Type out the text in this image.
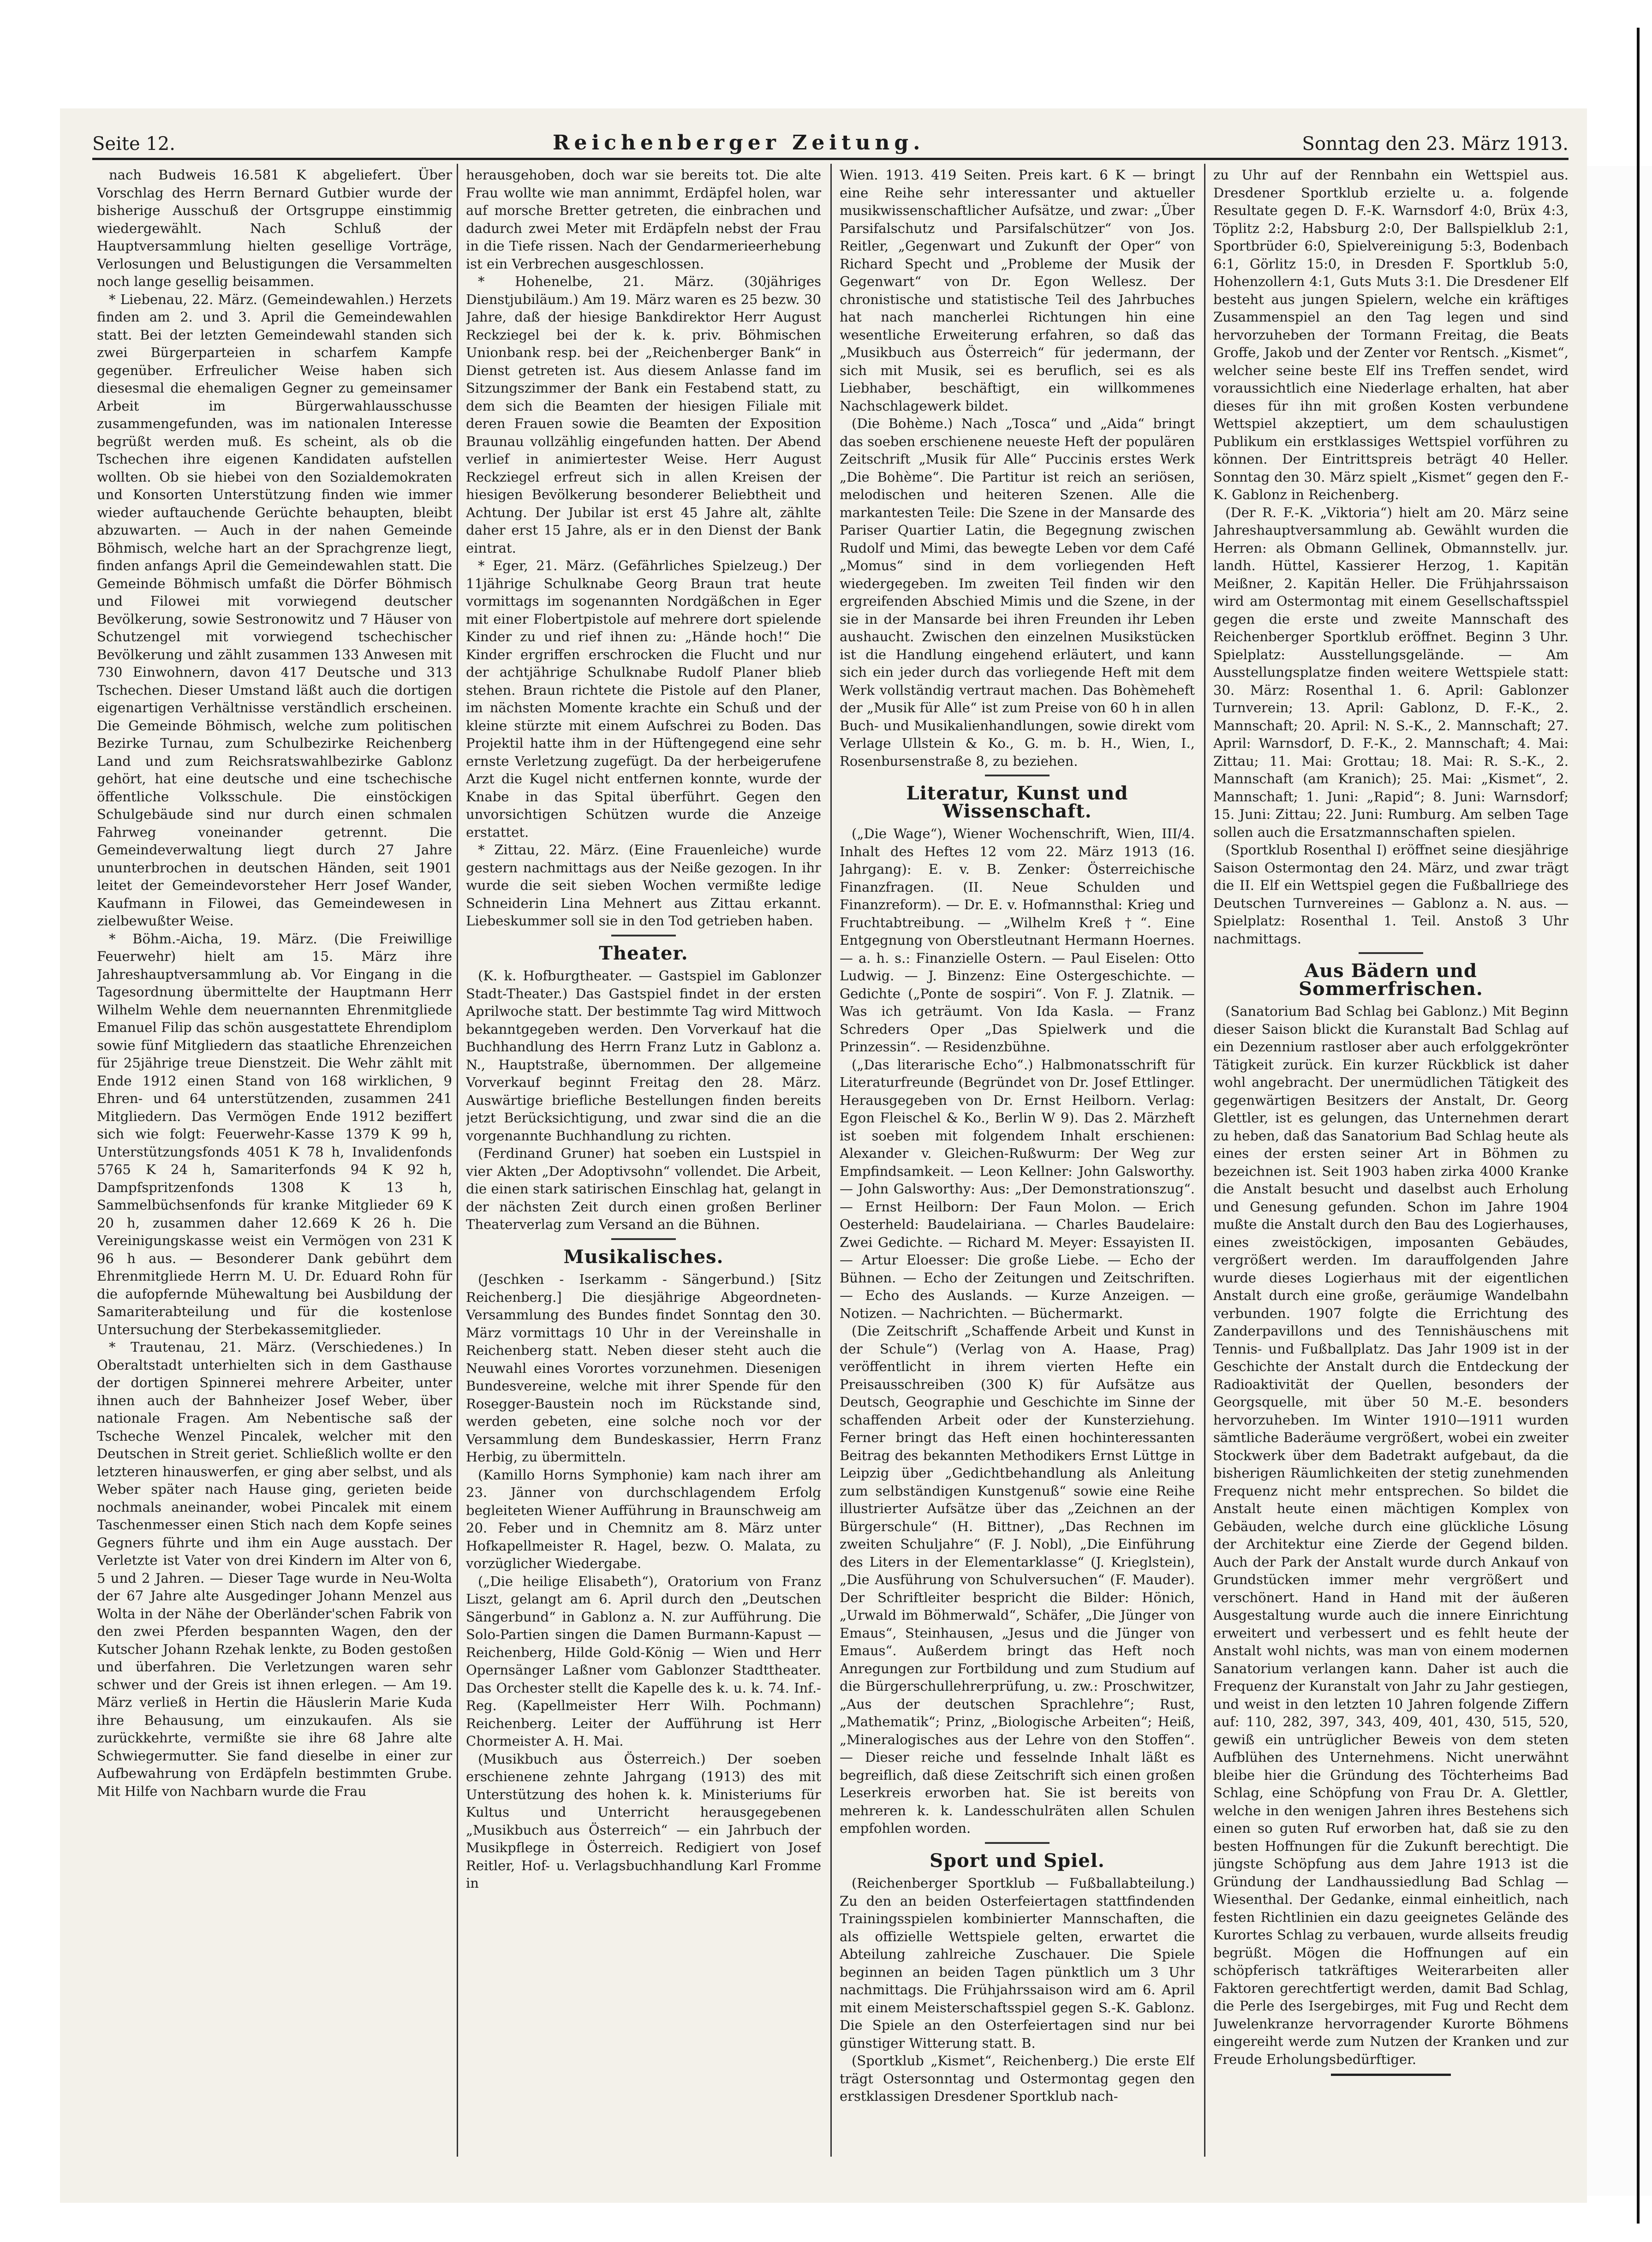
Seite 12.	Reichenberger Zeitung.	Sonntag den 23. März 1913.

nach Budweis 16.581 K abgeliefert. Über Vorschlag des Herrn Bernard Gutbier wurde der bisherige Ausschuß der Ortsgruppe einstimmig wiedergewählt. Nach Schluß der Hauptversammlung hielten gesellige Vorträge, Verlosungen und Belustigungen die Versammelten noch lange gesellig beisammen.

* Liebenau, 22. März. (Gemeindewahlen.) Herzets finden am 2. und 3. April die Gemeindewahlen statt. Bei der letzten Gemeindewahl standen sich zwei Bürgerparteien in scharfem Kampfe gegenüber. Erfreulicher Weise haben sich diesesmal die ehemaligen Gegner zu gemeinsamer Arbeit im Bürgerwahlausschusse zusammengefunden, was im nationalen Interesse begrüßt werden muß. Es scheint, als ob die Tschechen ihre eigenen Kandidaten aufstellen wollten. Ob sie hiebei von den Sozialdemokraten und Konsorten Unterstützung finden wie immer wieder auftauchende Gerüchte behaupten, bleibt abzuwarten. — Auch in der nahen Gemeinde Böhmisch, welche hart an der Sprachgrenze liegt, finden anfangs April die Gemeindewahlen statt. Die Gemeinde Böhmisch umfaßt die Dörfer Böhmisch und Filowei mit vorwiegend deutscher Bevölkerung, sowie Sestronowitz und 7 Häuser von Schutzengel mit vorwiegend tschechischer Bevölkerung und zählt zusammen 133 Anwesen mit 730 Einwohnern, davon 417 Deutsche und 313 Tschechen. Dieser Umstand läßt auch die dortigen eigenartigen Verhältnisse verständlich erscheinen. Die Gemeinde Böhmisch, welche zum politischen Bezirke Turnau, zum Schulbezirke Reichenberg Land und zum Reichsratswahlbezirke Gablonz gehört, hat eine deutsche und eine tschechische öffentliche Volksschule. Die einstöckigen Schulgebäude sind nur durch einen schmalen Fahrweg voneinander getrennt. Die Gemeindeverwaltung liegt durch 27 Jahre ununterbrochen in deutschen Händen, seit 1901 leitet der Gemeindevorsteher Herr Josef Wander, Kaufmann in Filowei, das Gemeindewesen in zielbewußter Weise.

* Böhm.-Aicha, 19. März. (Die Freiwillige Feuerwehr) hielt am 15. März ihre Jahreshauptversammlung ab. Vor Eingang in die Tagesordnung übermittelte der Hauptmann Herr Wilhelm Wehle dem neuernannten Ehrenmitgliede Emanuel Filip das schön ausgestattete Ehrendiplom sowie fünf Mitgliedern das staatliche Ehrenzeichen für 25jährige treue Dienstzeit. Die Wehr zählt mit Ende 1912 einen Stand von 168 wirklichen, 9 Ehren- und 64 unterstützenden, zusammen 241 Mitgliedern. Das Vermögen Ende 1912 beziffert sich wie folgt: Feuerwehr-Kasse 1379 K 99 h, Unterstützungsfonds 4051 K 78 h, Invalidenfonds 5765 K 24 h, Samariterfonds 94 K 92 h, Dampfspritzenfonds 1308 K 13 h, Sammelbüchsenfonds für kranke Mitglieder 69 K 20 h, zusammen daher 12.669 K 26 h. Die Vereinigungskasse weist ein Vermögen von 231 K 96 h aus. — Besonderer Dank gebührt dem Ehrenmitgliede Herrn M. U. Dr. Eduard Rohn für die aufopfernde Mühewaltung bei Ausbildung der Samariterabteilung und für die kostenlose Untersuchung der Sterbekassemitglieder.

* Trautenau, 21. März. (Verschiedenes.) In Oberaltstadt unterhielten sich in dem Gasthause der dortigen Spinnerei mehrere Arbeiter, unter ihnen auch der Bahnheizer Josef Weber, über nationale Fragen. Am Nebentische saß der Tscheche Wenzel Pincalek, welcher mit den Deutschen in Streit geriet. Schließlich wollte er den letzteren hinauswerfen, er ging aber selbst, und als Weber später nach Hause ging, gerieten beide nochmals aneinander, wobei Pincalek mit einem Taschenmesser einen Stich nach dem Kopfe seines Gegners führte und ihm ein Auge ausstach. Der Verletzte ist Vater von drei Kindern im Alter von 6, 5 und 2 Jahren. — Dieser Tage wurde in Neu-Wolta der 67 Jahre alte Ausgedinger Johann Menzel aus Wolta in der Nähe der Oberländer'schen Fabrik von den zwei Pferden bespannten Wagen, den der Kutscher Johann Rzehak lenkte, zu Boden gestoßen und überfahren. Die Verletzungen waren sehr schwer und der Greis ist ihnen erlegen. — Am 19. März verließ in Hertin die Häuslerin Marie Kuda ihre Behausung, um einzukaufen. Als sie zurückkehrte, vermißte sie ihre 68 Jahre alte Schwiegermutter. Sie fand dieselbe in einer zur Aufbewahrung von Erdäpfeln bestimmten Grube. Mit Hilfe von Nachbarn wurde die Frau

herausgehoben, doch war sie bereits tot. Die alte Frau wollte wie man annimmt, Erdäpfel holen, war auf morsche Bretter getreten, die einbrachen und dadurch zwei Meter mit Erdäpfeln nebst der Frau in die Tiefe rissen. Nach der Gendarmerieerhebung ist ein Verbrechen ausgeschlossen.

* Hohenelbe, 21. März. (30jähriges Dienstjubiläum.) Am 19. März waren es 25 bezw. 30 Jahre, daß der hiesige Bankdirektor Herr August Reckziegel bei der k. k. priv. Böhmischen Unionbank resp. bei der „Reichenberger Bank“ in Dienst getreten ist. Aus diesem Anlasse fand im Sitzungszimmer der Bank ein Festabend statt, zu dem sich die Beamten der hiesigen Filiale mit deren Frauen sowie die Beamten der Exposition Braunau vollzählig eingefunden hatten. Der Abend verlief in animiertester Weise. Herr August Reckziegel erfreut sich in allen Kreisen der hiesigen Bevölkerung besonderer Beliebtheit und Achtung. Der Jubilar ist erst 45 Jahre alt, zählte daher erst 15 Jahre, als er in den Dienst der Bank eintrat.

* Eger, 21. März. (Gefährliches Spielzeug.) Der 11jährige Schulknabe Georg Braun trat heute vormittags im sogenannten Nordgäßchen in Eger mit einer Flobertpistole auf mehrere dort spielende Kinder zu und rief ihnen zu: „Hände hoch!“ Die Kinder ergriffen erschrocken die Flucht und nur der achtjährige Schulknabe Rudolf Planer blieb stehen. Braun richtete die Pistole auf den Planer, im nächsten Momente krachte ein Schuß und der kleine stürzte mit einem Aufschrei zu Boden. Das Projektil hatte ihm in der Hüftengegend eine sehr ernste Verletzung zugefügt. Da der herbeigerufene Arzt die Kugel nicht entfernen konnte, wurde der Knabe in das Spital überführt. Gegen den unvorsichtigen Schützen wurde die Anzeige erstattet.

* Zittau, 22. März. (Eine Frauenleiche) wurde gestern nachmittags aus der Neiße gezogen. In ihr wurde die seit sieben Wochen vermißte ledige Schneiderin Lina Mehnert aus Zittau erkannt. Liebeskummer soll sie in den Tod getrieben haben.

Theater.

(K. k. Hofburgtheater. — Gastspiel im Gablonzer Stadt-Theater.) Das Gastspiel findet in der ersten Aprilwoche statt. Der bestimmte Tag wird Mittwoch bekanntgegeben werden. Den Vorverkauf hat die Buchhandlung des Herrn Franz Lutz in Gablonz a. N., Hauptstraße, übernommen. Der allgemeine Vorverkauf beginnt Freitag den 28. März. Auswärtige briefliche Bestellungen finden bereits jetzt Berücksichtigung, und zwar sind die an die vorgenannte Buchhandlung zu richten.

(Ferdinand Gruner) hat soeben ein Lustspiel in vier Akten „Der Adoptivsohn“ vollendet. Die Arbeit, die einen stark satirischen Einschlag hat, gelangt in der nächsten Zeit durch einen großen Berliner Theaterverlag zum Versand an die Bühnen.

Musikalisches.

(Jeschken - Iserkamm - Sängerbund.) [Sitz Reichenberg.] Die diesjährige Abgeordneten-Versammlung des Bundes findet Sonntag den 30. März vormittags 10 Uhr in der Vereinshalle in Reichenberg statt. Neben dieser steht auch die Neuwahl eines Vorortes vorzunehmen. Diesenigen Bundesvereine, welche mit ihrer Spende für den Rosegger-Baustein noch im Rückstande sind, werden gebeten, eine solche noch vor der Versammlung dem Bundeskassier, Herrn Franz Herbig, zu übermitteln.

(Kamillo Horns Symphonie) kam nach ihrer am 23. Jänner von durchschlagendem Erfolg begleiteten Wiener Aufführung in Braunschweig am 20. Feber und in Chemnitz am 8. März unter Hofkapellmeister R. Hagel, bezw. O. Malata, zu vorzüglicher Wiedergabe.

(„Die heilige Elisabeth“), Oratorium von Franz Liszt, gelangt am 6. April durch den „Deutschen Sängerbund“ in Gablonz a. N. zur Aufführung. Die Solo-Partien singen die Damen Burmann-Kapust — Reichenberg, Hilde Gold-König — Wien und Herr Opernsänger Laßner vom Gablonzer Stadttheater. Das Orchester stellt die Kapelle des k. u. k. 74. Inf.-Reg. (Kapellmeister Herr Wilh. Pochmann) Reichenberg. Leiter der Aufführung ist Herr Chormeister A. H. Mai.

(Musikbuch aus Österreich.) Der soeben erschienene zehnte Jahrgang (1913) des mit Unterstützung des hohen k. k. Ministeriums für Kultus und Unterricht herausgegebenen „Musikbuch aus Österreich“ — ein Jahrbuch der Musikpflege in Österreich. Redigiert von Josef Reitler, Hof- u. Verlagsbuchhandlung Karl Fromme in

Wien. 1913. 419 Seiten. Preis kart. 6 K — bringt eine Reihe sehr interessanter und aktueller musikwissenschaftlicher Aufsätze, und zwar: „Über Parsifalschutz und Parsifalschützer“ von Jos. Reitler, „Gegenwart und Zukunft der Oper“ von Richard Specht und „Probleme der Musik der Gegenwart“ von Dr. Egon Wellesz. Der chronistische und statistische Teil des Jahrbuches hat nach mancherlei Richtungen hin eine wesentliche Erweiterung erfahren, so daß das „Musikbuch aus Österreich“ für jedermann, der sich mit Musik, sei es beruflich, sei es als Liebhaber, beschäftigt, ein willkommenes Nachschlagewerk bildet.

(Die Bohème.) Nach „Tosca“ und „Aida“ bringt das soeben erschienene neueste Heft der populären Zeitschrift „Musik für Alle“ Puccinis erstes Werk „Die Bohème“. Die Partitur ist reich an seriösen, melodischen und heiteren Szenen. Alle die markantesten Teile: Die Szene in der Mansarde des Pariser Quartier Latin, die Begegnung zwischen Rudolf und Mimi, das bewegte Leben vor dem Café „Momus“ sind in dem vorliegenden Heft wiedergegeben. Im zweiten Teil finden wir den ergreifenden Abschied Mimis und die Szene, in der sie in der Mansarde bei ihren Freunden ihr Leben aushaucht. Zwischen den einzelnen Musikstücken ist die Handlung eingehend erläutert, und kann sich ein jeder durch das vorliegende Heft mit dem Werk vollständig vertraut machen. Das Bohèmeheft der „Musik für Alle“ ist zum Preise von 60 h in allen Buch- und Musikalienhandlungen, sowie direkt vom Verlage Ullstein & Ko., G. m. b. H., Wien, I., Rosenbursenstraße 8, zu beziehen.

Literatur, Kunst und Wissenschaft.

(„Die Wage“), Wiener Wochenschrift, Wien, III/4. Inhalt des Heftes 12 vom 22. März 1913 (16. Jahrgang): E. v. B. Zenker: Österreichische Finanzfragen. (II. Neue Schulden und Finanzreform). — Dr. E. v. Hofmannsthal: Krieg und Fruchtabtreibung. — „Wilhelm Kreß †“. Eine Entgegnung von Oberstleutnant Hermann Hoernes. — a. h. s.: Finanzielle Ostern. — Paul Eiselen: Otto Ludwig. — J. Binzenz: Eine Ostergeschichte. — Gedichte („Ponte de sospiri“. Von F. J. Zlatnik. — Was ich geträumt. Von Ida Kasla. — Franz Schreders Oper „Das Spielwerk und die Prinzessin“. — Residenzbühne.

(„Das literarische Echo“.) Halbmonatsschrift für Literaturfreunde (Begründet von Dr. Josef Ettlinger. Herausgegeben von Dr. Ernst Heilborn. Verlag: Egon Fleischel & Ko., Berlin W 9). Das 2. Märzheft ist soeben mit folgendem Inhalt erschienen: Alexander v. Gleichen-Rußwurm: Der Weg zur Empfindsamkeit. — Leon Kellner: John Galsworthy. — John Galsworthy: Aus: „Der Demonstrationszug“. — Ernst Heilborn: Der Faun Molon. — Erich Oesterheld: Baudelairiana. — Charles Baudelaire: Zwei Gedichte. — Richard M. Meyer: Essayisten II. — Artur Eloesser: Die große Liebe. — Echo der Bühnen. — Echo der Zeitungen und Zeitschriften. — Echo des Auslands. — Kurze Anzeigen. — Notizen. — Nachrichten. — Büchermarkt.

(Die Zeitschrift „Schaffende Arbeit und Kunst in der Schule“) (Verlag von A. Haase, Prag) veröffentlicht in ihrem vierten Hefte ein Preisausschreiben (300 K) für Aufsätze aus Deutsch, Geographie und Geschichte im Sinne der schaffenden Arbeit oder der Kunsterziehung. Ferner bringt das Heft einen hochinteressanten Beitrag des bekannten Methodikers Ernst Lüttge in Leipzig über „Gedichtbehandlung als Anleitung zum selbständigen Kunstgenuß“ sowie eine Reihe illustrierter Aufsätze über das „Zeichnen an der Bürgerschule“ (H. Bittner), „Das Rechnen im zweiten Schuljahre“ (F. J. Nobl), „Die Einführung des Liters in der Elementarklasse“ (J. Krieglstein), „Die Ausführung von Schulversuchen“ (F. Mauder). Der Schriftleiter bespricht die Bilder: Hönich, „Urwald im Böhmerwald“, Schäfer, „Die Jünger von Emaus“, Steinhausen, „Jesus und die Jünger von Emaus“. Außerdem bringt das Heft noch Anregungen zur Fortbildung und zum Studium auf die Bürgerschullehrerprüfung, u. zw.: Proschwitzer, „Aus der deutschen Sprachlehre“; Rust, „Mathematik“; Prinz, „Biologische Arbeiten“; Heiß, „Mineralogisches aus der Lehre von den Stoffen“. — Dieser reiche und fesselnde Inhalt läßt es begreiflich, daß diese Zeitschrift sich einen großen Leserkreis erworben hat. Sie ist bereits von mehreren k. k. Landesschulräten allen Schulen empfohlen worden.

Sport und Spiel.

(Reichenberger Sportklub — Fußballabteilung.) Zu den an beiden Osterfeiertagen stattfindenden Trainingsspielen kombinierter Mannschaften, die als offizielle Wettspiele gelten, erwartet die Abteilung zahlreiche Zuschauer. Die Spiele beginnen an beiden Tagen pünktlich um 3 Uhr nachmittags. Die Frühjahrssaison wird am 6. April mit einem Meisterschaftsspiel gegen S.-K. Gablonz. Die Spiele an den Osterfeiertagen sind nur bei günstiger Witterung statt. B.

(Sportklub „Kismet“, Reichenberg.) Die erste Elf trägt Ostersonntag und Ostermontag gegen den erstklassigen Dresdener Sportklub nach-

zu Uhr auf der Rennbahn ein Wettspiel aus. Dresdener Sportklub erzielte u. a. folgende Resultate gegen D. F.-K. Warnsdorf 4:0, Brüx 4:3, Töplitz 2:2, Habsburg 2:0, Der Ballspielklub 2:1, Sportbrüder 6:0, Spielvereinigung 5:3, Bodenbach 6:1, Görlitz 15:0, in Dresden F. Sportklub 5:0, Hohenzollern 4:1, Guts Muts 3:1. Die Dresdener Elf besteht aus jungen Spielern, welche ein kräftiges Zusammenspiel an den Tag legen und sind hervorzuheben der Tormann Freitag, die Beats Groffe, Jakob und der Zenter vor Rentsch. „Kismet“, welcher seine beste Elf ins Treffen sendet, wird voraussichtlich eine Niederlage erhalten, hat aber dieses für ihn mit großen Kosten verbundene Wettspiel akzeptiert, um dem schaulustigen Publikum ein erstklassiges Wettspiel vorführen zu können. Der Eintrittspreis beträgt 40 Heller. Sonntag den 30. März spielt „Kismet“ gegen den F.-K. Gablonz in Reichenberg.

(Der R. F.-K. „Viktoria“) hielt am 20. März seine Jahreshauptversammlung ab. Gewählt wurden die Herren: als Obmann Gellinek, Obmannstellv. jur. landh. Hüttel, Kassierer Herzog, 1. Kapitän Meißner, 2. Kapitän Heller. Die Frühjahrssaison wird am Ostermontag mit einem Gesellschaftsspiel gegen die erste und zweite Mannschaft des Reichenberger Sportklub eröffnet. Beginn 3 Uhr. Spielplatz: Ausstellungsgelände. — Am Ausstellungsplatze finden weitere Wettspiele statt: 30. März: Rosenthal 1. 6. April: Gablonzer Turnverein; 13. April: Gablonz, D. F.-K., 2. Mannschaft; 20. April: N. S.-K., 2. Mannschaft; 27. April: Warnsdorf, D. F.-K., 2. Mannschaft; 4. Mai: Zittau; 11. Mai: Grottau; 18. Mai: R. S.-K., 2. Mannschaft (am Kranich); 25. Mai: „Kismet“, 2. Mannschaft; 1. Juni: „Rapid“; 8. Juni: Warnsdorf; 15. Juni: Zittau; 22. Juni: Rumburg. Am selben Tage sollen auch die Ersatzmannschaften spielen.

(Sportklub Rosenthal I) eröffnet seine diesjährige Saison Ostermontag den 24. März, und zwar trägt die II. Elf ein Wettspiel gegen die Fußballriege des Deutschen Turnvereines — Gablonz a. N. aus. — Spielplatz: Rosenthal 1. Teil. Anstoß 3 Uhr nachmittags.

Aus Bädern und Sommerfrischen.

(Sanatorium Bad Schlag bei Gablonz.) Mit Beginn dieser Saison blickt die Kuranstalt Bad Schlag auf ein Dezennium rastloser aber auch erfolggekrönter Tätigkeit zurück. Ein kurzer Rückblick ist daher wohl angebracht. Der unermüdlichen Tätigkeit des gegenwärtigen Besitzers der Anstalt, Dr. Georg Glettler, ist es gelungen, das Unternehmen derart zu heben, daß das Sanatorium Bad Schlag heute als eines der ersten seiner Art in Böhmen zu bezeichnen ist. Seit 1903 haben zirka 4000 Kranke die Anstalt besucht und daselbst auch Erholung und Genesung gefunden. Schon im Jahre 1904 mußte die Anstalt durch den Bau des Logierhauses, eines zweistöckigen, imposanten Gebäudes, vergrößert werden. Im darauffolgenden Jahre wurde dieses Logierhaus mit der eigentlichen Anstalt durch eine große, geräumige Wandelbahn verbunden. 1907 folgte die Errichtung des Zanderpavillons und des Tennishäuschens mit Tennis- und Fußballplatz. Das Jahr 1909 ist in der Geschichte der Anstalt durch die Entdeckung der Radioaktivität der Quellen, besonders der Georgsquelle, mit über 50 M.-E. besonders hervorzuheben. Im Winter 1910—1911 wurden sämtliche Baderäume vergrößert, wobei ein zweiter Stockwerk über dem Badetrakt aufgebaut, da die bisherigen Räumlichkeiten der stetig zunehmenden Frequenz nicht mehr entsprechen. So bildet die Anstalt heute einen mächtigen Komplex von Gebäuden, welche durch eine glückliche Lösung der Architektur eine Zierde der Gegend bilden. Auch der Park der Anstalt wurde durch Ankauf von Grundstücken immer mehr vergrößert und verschönert. Hand in Hand mit der äußeren Ausgestaltung wurde auch die innere Einrichtung erweitert und verbessert und es fehlt heute der Anstalt wohl nichts, was man von einem modernen Sanatorium verlangen kann. Daher ist auch die Frequenz der Kuranstalt von Jahr zu Jahr gestiegen, und weist in den letzten 10 Jahren folgende Ziffern auf: 110, 282, 397, 343, 409, 401, 430, 515, 520, gewiß ein untrüglicher Beweis von dem steten Aufblühen des Unternehmens. Nicht unerwähnt bleibe hier die Gründung des Töchterheims Bad Schlag, eine Schöpfung von Frau Dr. A. Glettler, welche in den wenigen Jahren ihres Bestehens sich einen so guten Ruf erworben hat, daß sie zu den besten Hoffnungen für die Zukunft berechtigt. Die jüngste Schöpfung aus dem Jahre 1913 ist die Gründung der Landhaussiedlung Bad Schlag — Wiesenthal. Der Gedanke, einmal einheitlich, nach festen Richtlinien ein dazu geeignetes Gelände des Kurortes Schlag zu verbauen, wurde allseits freudig begrüßt. Mögen die Hoffnungen auf ein schöpferisch tatkräftiges Weiterarbeiten aller Faktoren gerechtfertigt werden, damit Bad Schlag, die Perle des Isergebirges, mit Fug und Recht dem Juwelenkranze hervorragender Kurorte Böhmens eingereiht werde zum Nutzen der Kranken und zur Freude Erholungsbedürftiger.
